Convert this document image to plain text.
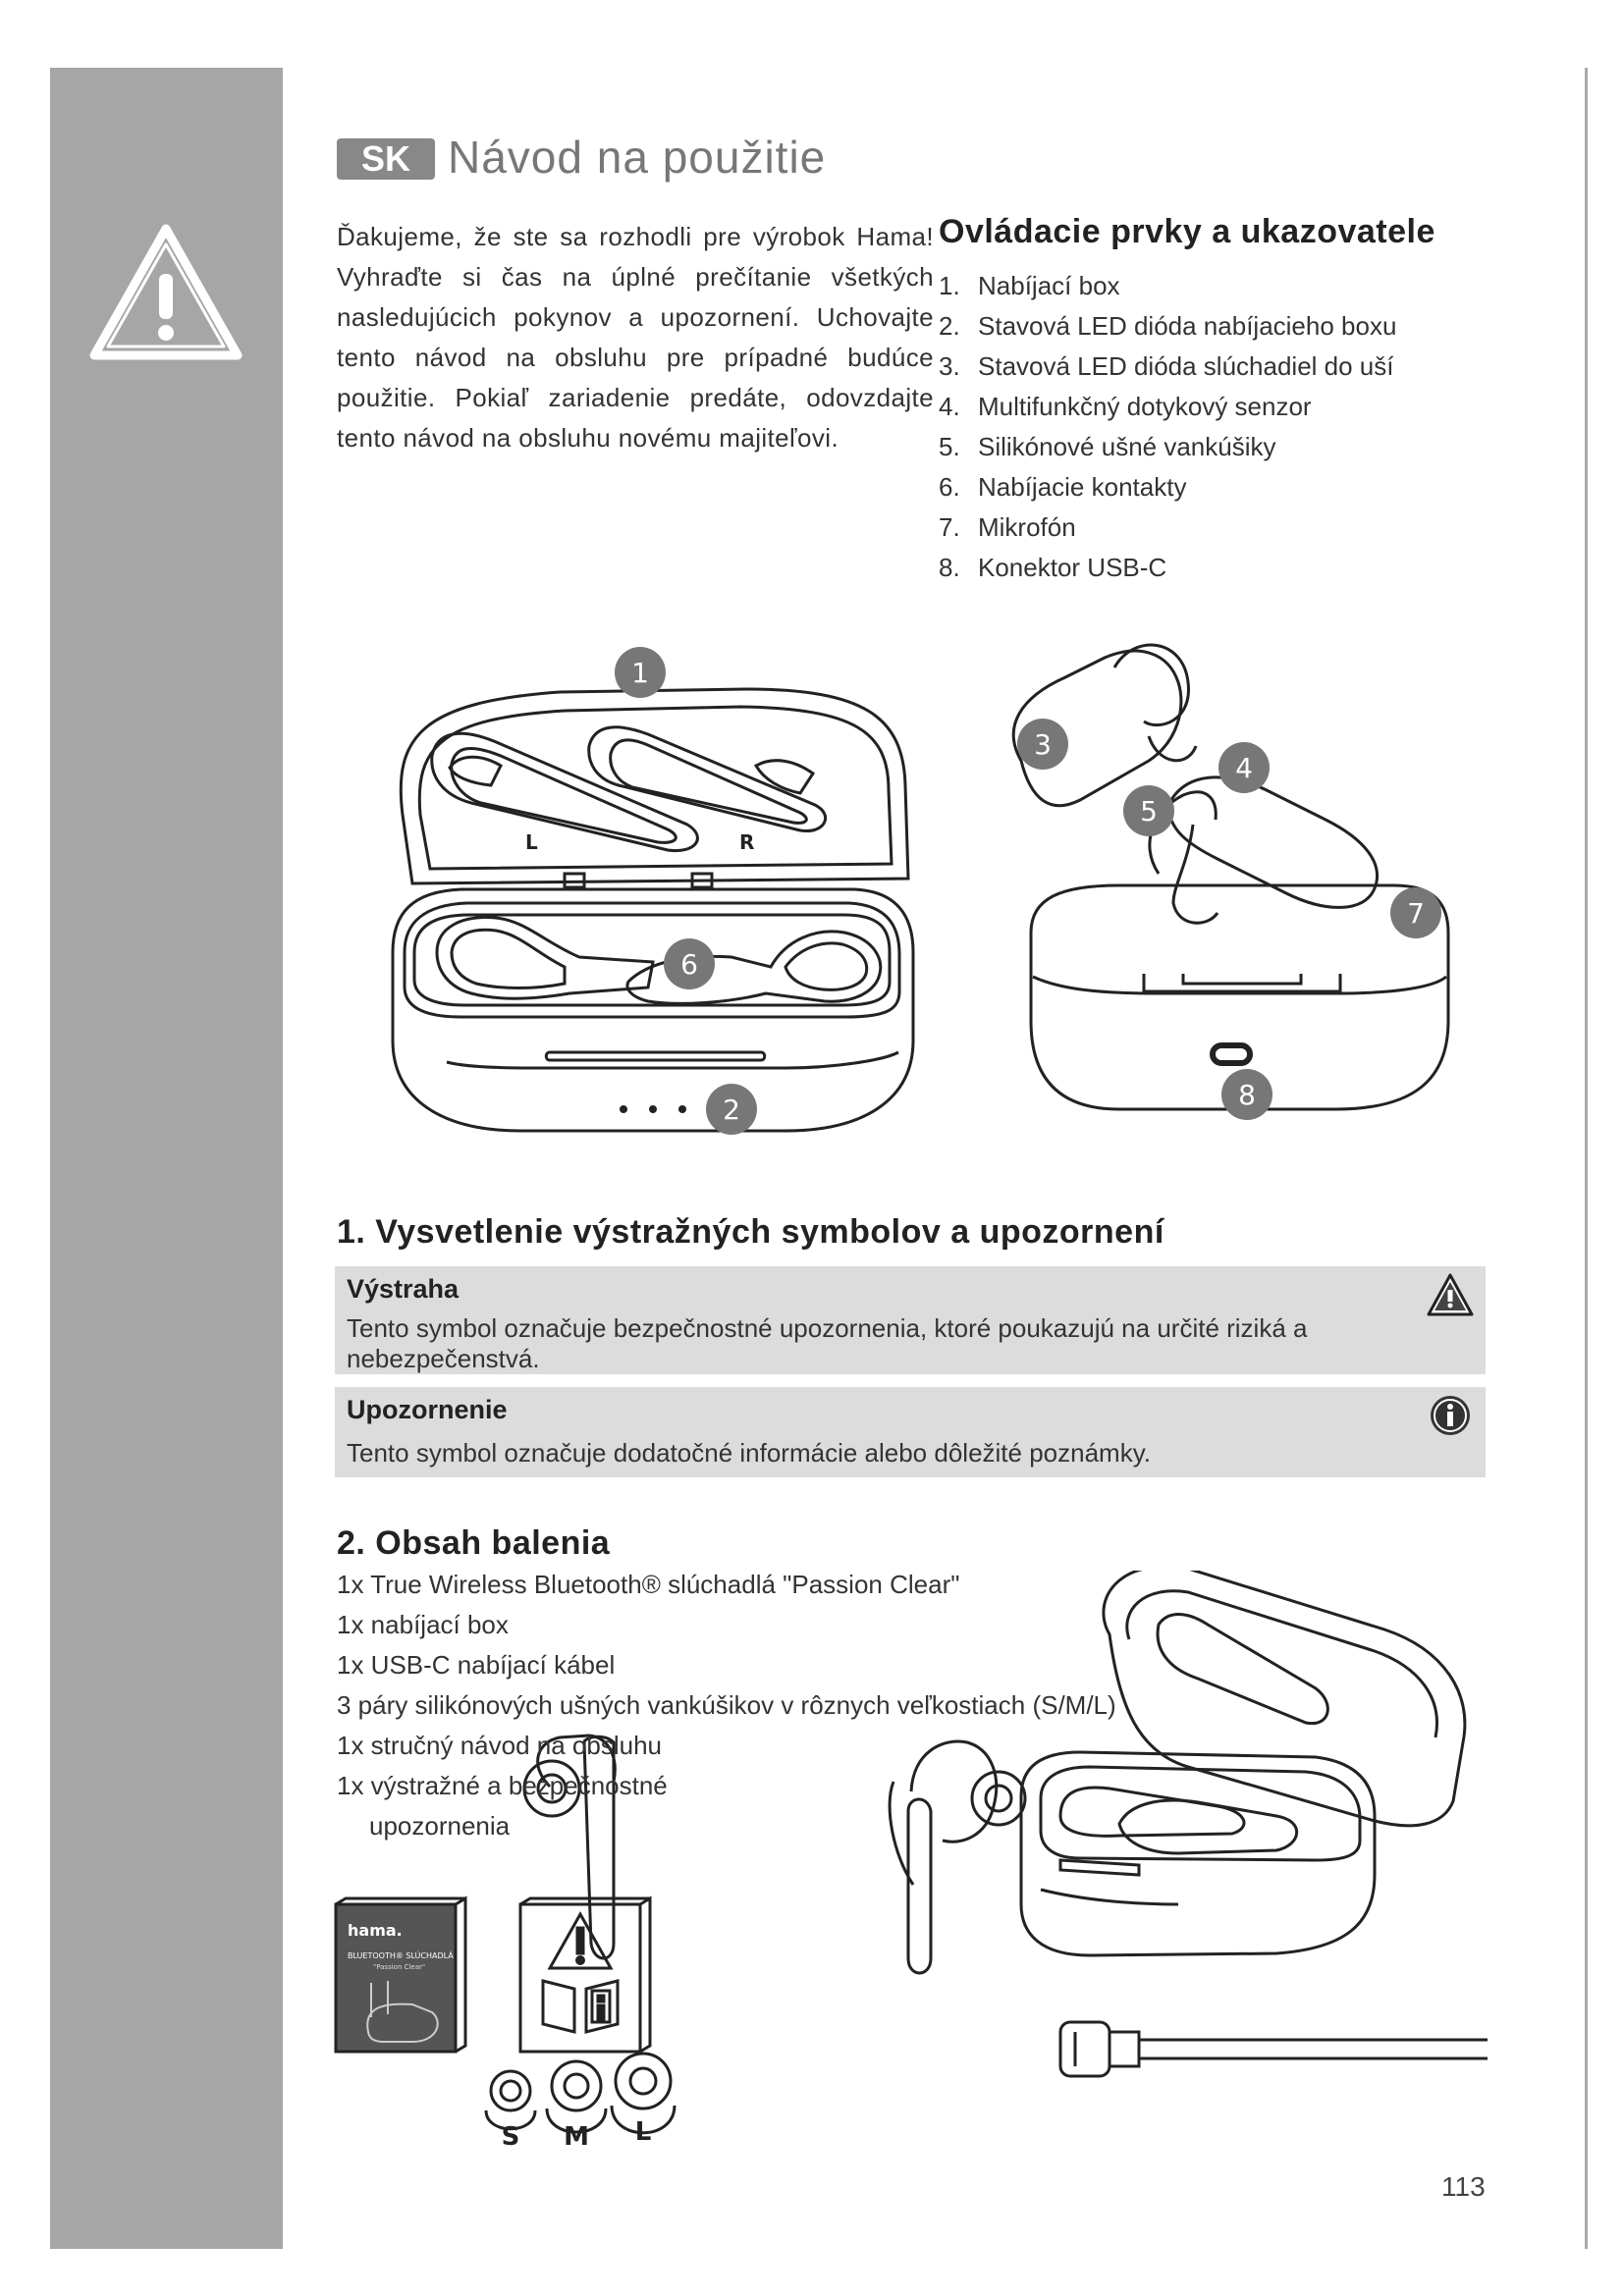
SK Návod na použitie
Ďakujeme, že ste sa rozhodli pre výrobok Hama! Vyhraďte si čas na úplné prečítanie všetkých nasledujúcich pokynov a upozornení. Uchovajte tento návod na obsluhu pre prípadné budúce použitie. Pokiaľ zariadenie predáte, odovzdajte tento návod na obsluhu novému majiteľovi.
Ovládacie prvky a ukazovatele
1. Nabíjací box
2. Stavová LED dióda nabíjacieho boxu
3. Stavová LED dióda slúchadiel do uší
4. Multifunkčný dotykový senzor
5. Silikónové ušné vankúšiky
6. Nabíjacie kontakty
7. Mikrofón
8. Konektor USB-C
L	R
1
2
3
4
5
6
7
8
1. Vysvetlenie výstražných symbolov a upozornení
Výstraha
Tento symbol označuje bezpečnostné upozornenia, ktoré poukazujú na určité riziká a nebezpečenstvá.
Upozornenie
Tento symbol označuje dodatočné informácie alebo dôležité poznámky.
2. Obsah balenia
hama.
BLUETOOTH® SLÚCHADLÁ
"Passion Clear"
S M L
1x True Wireless Bluetooth® slúchadlá "Passion Clear"
1x nabíjací box
1x USB-C nabíjací kábel
3 páry silikónových ušných vankúšikov v rôznych veľkostiach (S/M/L)
1x stručný návod na obsluhu
1x výstražné a bezpečnostné
upozornenia
113
